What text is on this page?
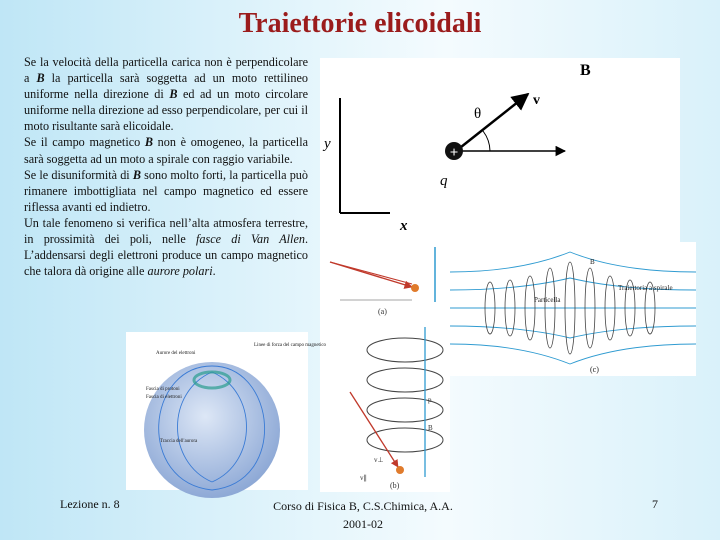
Traiettorie elicoidali

Se la velocità della particella carica non è perpendicolare a B la particella sarà soggetta ad un moto rettilineo uniforme nella direzione di B ed ad un moto circolare uniforme nella direzione ad esso perpendicolare, per cui il moto risultante sarà elicoidale.

Se il campo magnetico B non è omogeneo, la particella sarà soggetta ad un moto a spirale con raggio variabile.

Se le disuniformità di B sono molto forti, la particella può rimanere imbottigliata nel campo magnetico ed essere riflessa avanti ed indietro.

Un tale fenomeno si verifica nell’alta atmosfera terrestre, in prossimità dei poli, nelle fasce di Van Allen. L’addensarsi degli elettroni produce un campo magnetico che talora dà origine alle aurore polari.

y
x
B
v
θ
+
q
(a)
B
v∥
v⊥
p
(b)
Particella
Traiettoria a spirale
B
(c)
Aurore del elettroni
Linee di forza del campo magnetico
Fascia di protoni
Fascia di elettroni
Traccia dell'aurora
Lezione n. 8	Corso di Fisica B, C.S.Chimica, A.A.
2001-02
7
